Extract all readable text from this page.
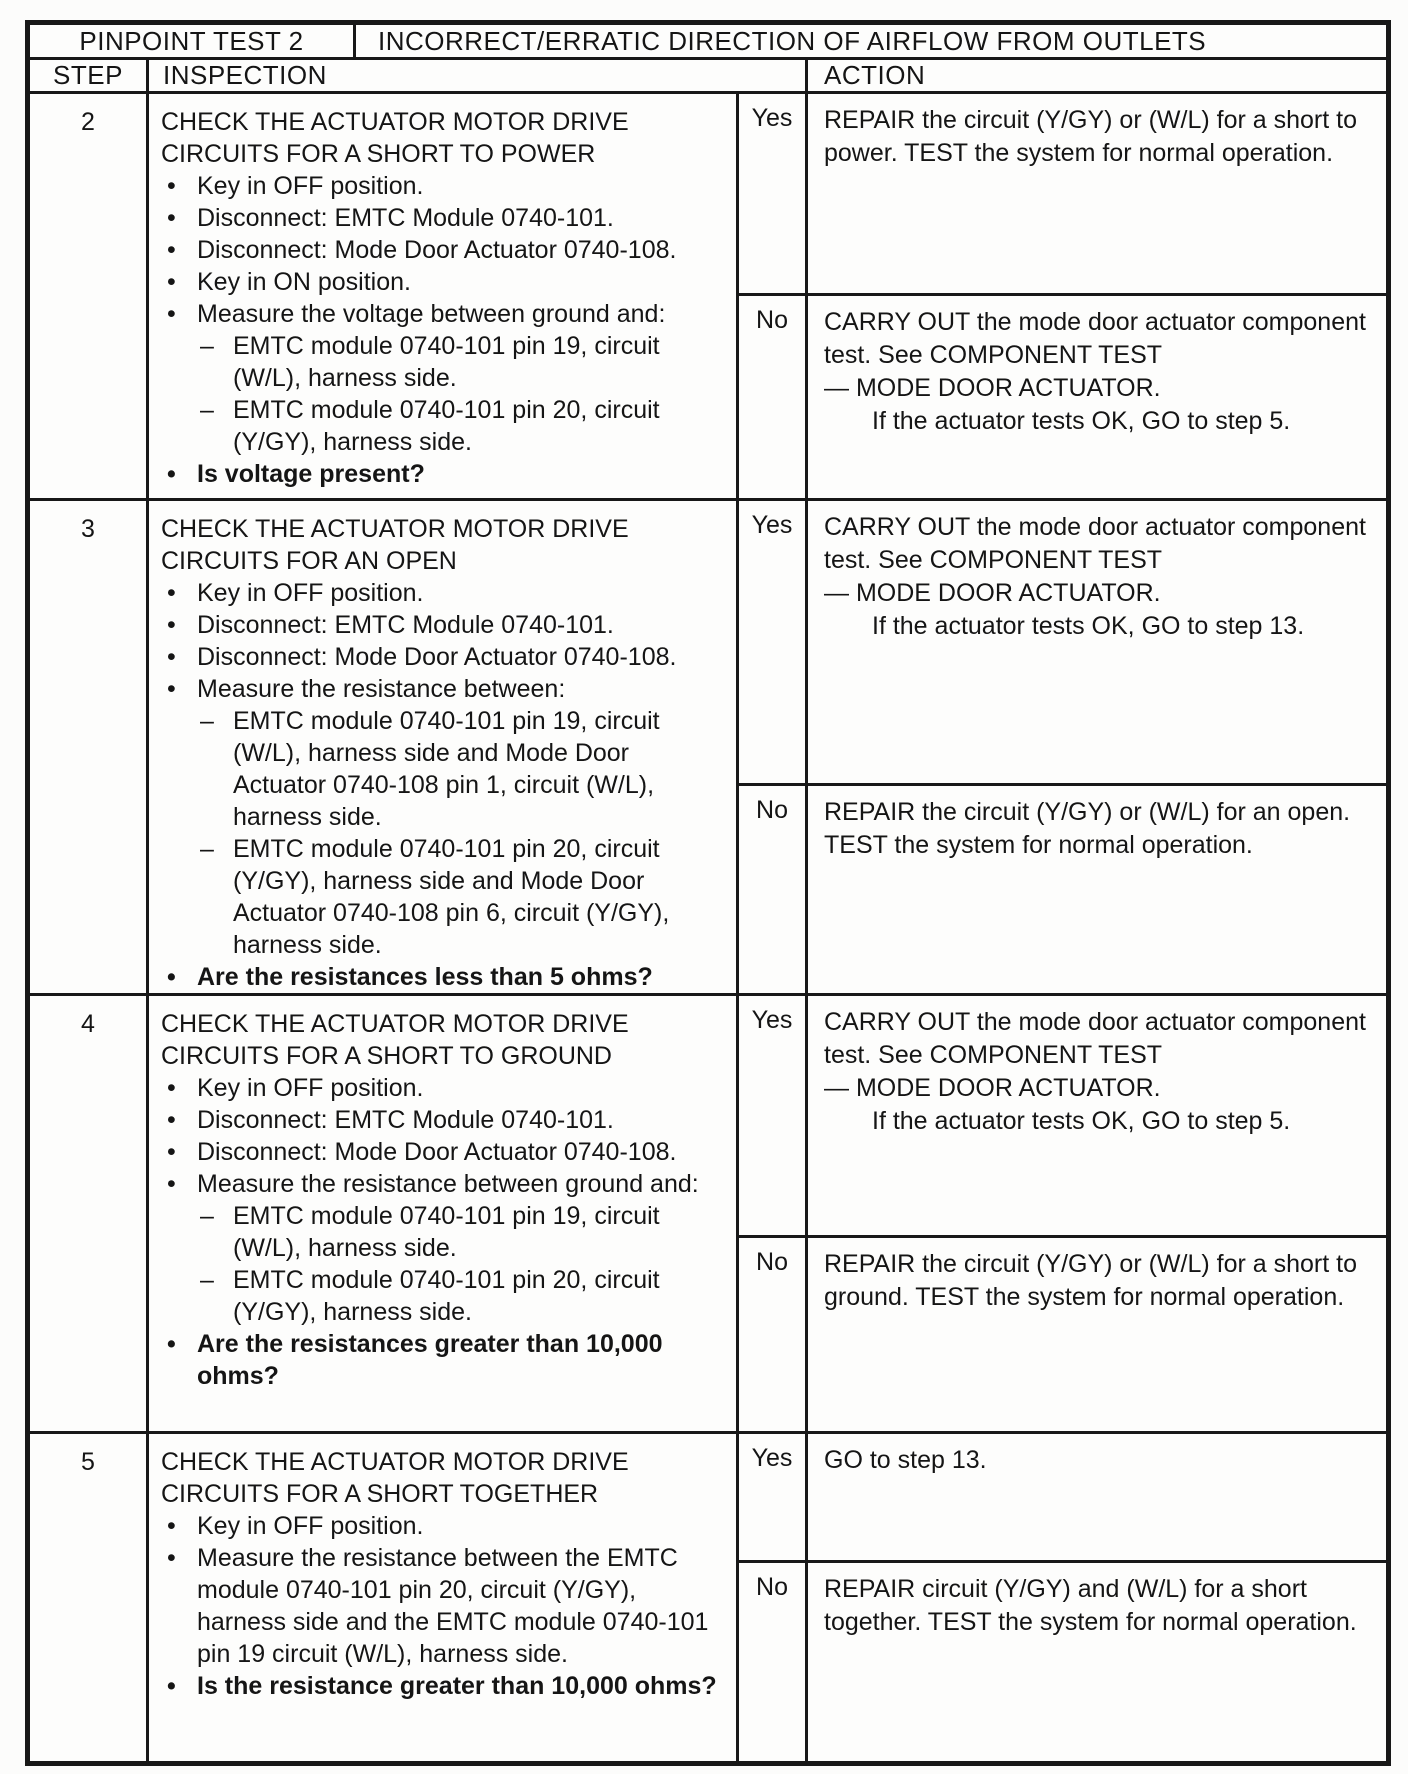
PINPOINT TEST 2	INCORRECT/ERRATIC DIRECTION OF AIRFLOW FROM OUTLETS
STEP	INSPECTION	ACTION
2	CHECK THE ACTUATOR MOTOR DRIVE CIRCUITS FOR A SHORT TO POWER
• Key in OFF position.
• Disconnect: EMTC Module 0740-101.
• Disconnect: Mode Door Actuator 0740-108.
• Key in ON position.
• Measure the voltage between ground and:
– EMTC module 0740-101 pin 19, circuit (W/L), harness side.
– EMTC module 0740-101 pin 20, circuit (Y/GY), harness side.
• Is voltage present?
Yes	REPAIR the circuit (Y/GY) or (W/L) for a short to power. TEST the system for normal operation.
No	CARRY OUT the mode door actuator component test. See COMPONENT TEST
— MODE DOOR ACTUATOR.
If the actuator tests OK, GO to step 5.
3	CHECK THE ACTUATOR MOTOR DRIVE CIRCUITS FOR AN OPEN
• Key in OFF position.
• Disconnect: EMTC Module 0740-101.
• Disconnect: Mode Door Actuator 0740-108.
• Measure the resistance between:
– EMTC module 0740-101 pin 19, circuit (W/L), harness side and Mode Door Actuator 0740-108 pin 1, circuit (W/L), harness side.
– EMTC module 0740-101 pin 20, circuit (Y/GY), harness side and Mode Door Actuator 0740-108 pin 6, circuit (Y/GY), harness side.
• Are the resistances less than 5 ohms?
Yes	CARRY OUT the mode door actuator component test. See COMPONENT TEST
— MODE DOOR ACTUATOR.
If the actuator tests OK, GO to step 13.
No	REPAIR the circuit (Y/GY) or (W/L) for an open. TEST the system for normal operation.
4	CHECK THE ACTUATOR MOTOR DRIVE CIRCUITS FOR A SHORT TO GROUND
• Key in OFF position.
• Disconnect: EMTC Module 0740-101.
• Disconnect: Mode Door Actuator 0740-108.
• Measure the resistance between ground and:
– EMTC module 0740-101 pin 19, circuit (W/L), harness side.
– EMTC module 0740-101 pin 20, circuit (Y/GY), harness side.
• Are the resistances greater than 10,000 ohms?
Yes	CARRY OUT the mode door actuator component test. See COMPONENT TEST
— MODE DOOR ACTUATOR.
If the actuator tests OK, GO to step 5.
No	REPAIR the circuit (Y/GY) or (W/L) for a short to ground. TEST the system for normal operation.
5	CHECK THE ACTUATOR MOTOR DRIVE CIRCUITS FOR A SHORT TOGETHER
• Key in OFF position.
• Measure the resistance between the EMTC module 0740-101 pin 20, circuit (Y/GY), harness side and the EMTC module 0740-101 pin 19 circuit (W/L), harness side.
• Is the resistance greater than 10,000 ohms?
Yes	GO to step 13.
No	REPAIR circuit (Y/GY) and (W/L) for a short together. TEST the system for normal operation.
